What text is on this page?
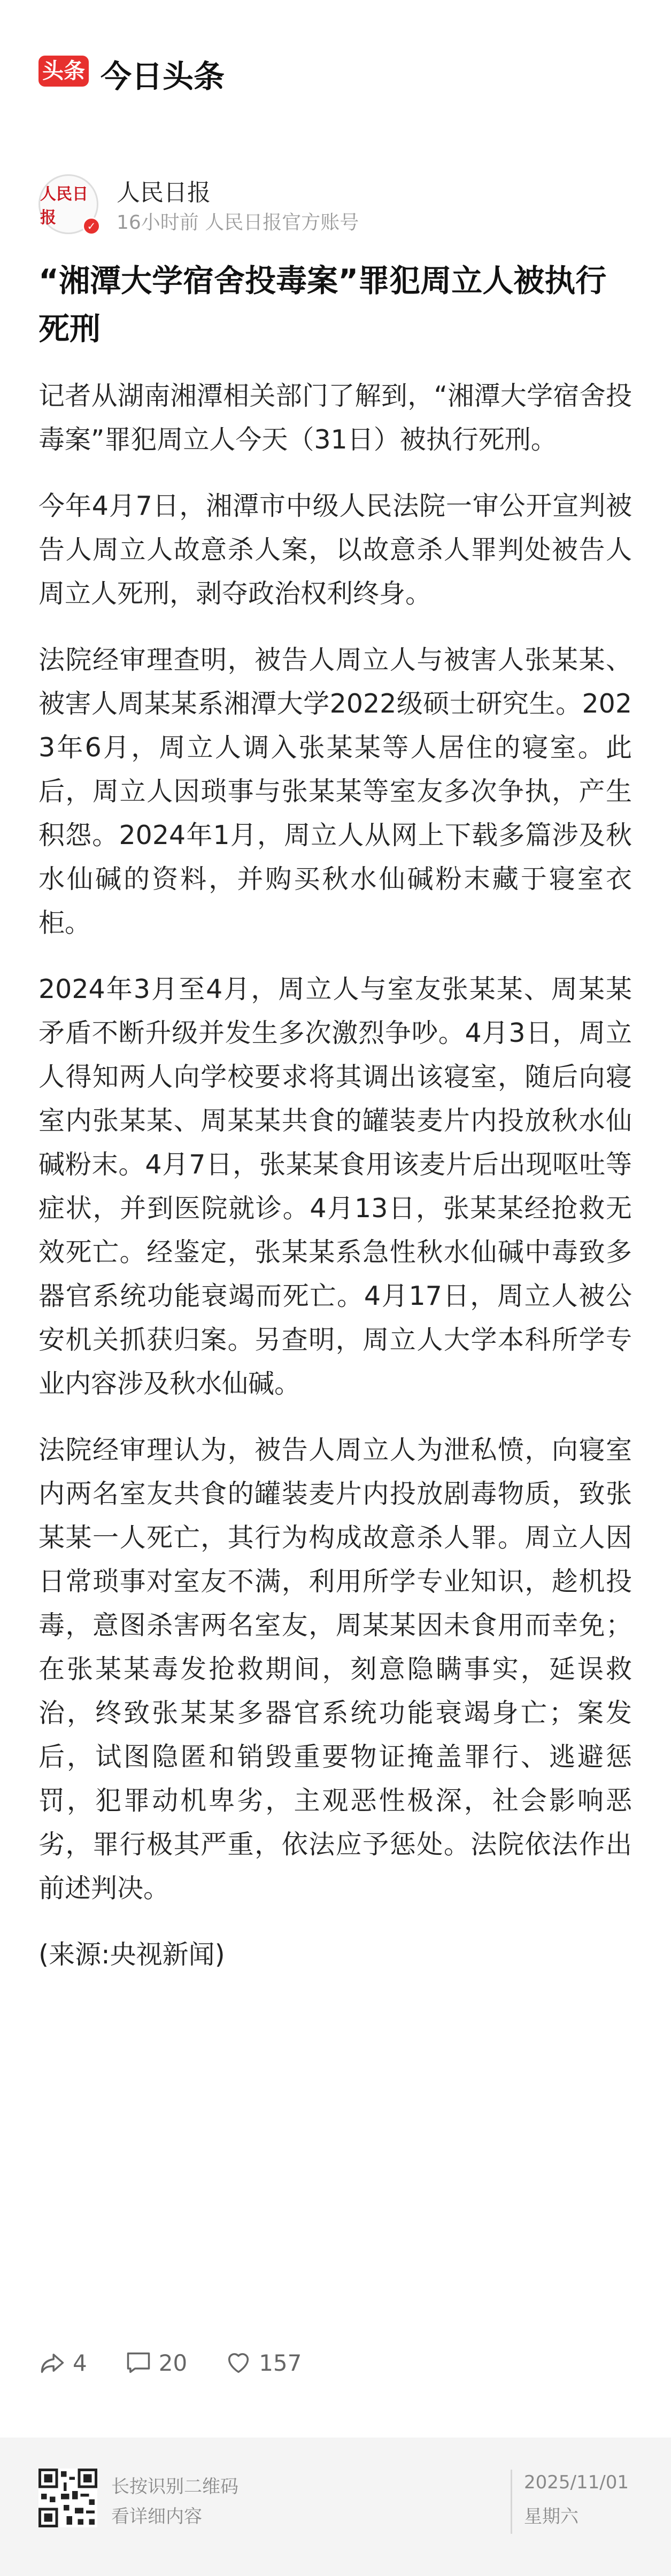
头条 今日头条
人民日报	✓
人民日报
16小时前 人民日报官方账号
“湘潭大学宿舍投毒案”罪犯周立人被执行死刑

记者从湖南湘潭相关部门了解到，“湘潭大学宿舍投毒案”罪犯周立人今天（31日）被执行死刑。

今年4月7日，湘潭市中级人民法院一审公开宣判被告人周立人故意杀人案，以故意杀人罪判处被告人周立人死刑，剥夺政治权利终身。

法院经审理查明，被告人周立人与被害人张某某、被害人周某某系湘潭大学2022级硕士研究生。2023年6月，周立人调入张某某等人居住的寝室。此后，周立人因琐事与张某某等室友多次争执，产生积怨。2024年1月，周立人从网上下载多篇涉及秋水仙碱的资料，并购买秋水仙碱粉末藏于寝室衣柜。

2024年3月至4月，周立人与室友张某某、周某某矛盾不断升级并发生多次激烈争吵。4月3日，周立人得知两人向学校要求将其调出该寝室，随后向寝室内张某某、周某某共食的罐装麦片内投放秋水仙碱粉末。4月7日，张某某食用该麦片后出现呕吐等症状，并到医院就诊。4月13日，张某某经抢救无效死亡。经鉴定，张某某系急性秋水仙碱中毒致多器官系统功能衰竭而死亡。4月17日，周立人被公安机关抓获归案。另查明，周立人大学本科所学专业内容涉及秋水仙碱。

法院经审理认为，被告人周立人为泄私愤，向寝室内两名室友共食的罐装麦片内投放剧毒物质，致张某某一人死亡，其行为构成故意杀人罪。周立人因日常琐事对室友不满，利用所学专业知识，趁机投毒，意图杀害两名室友，周某某因未食用而幸免；在张某某毒发抢救期间，刻意隐瞒事实，延误救治，终致张某某多器官系统功能衰竭身亡；案发后，试图隐匿和销毁重要物证掩盖罪行、逃避惩罚，犯罪动机卑劣，主观恶性极深，社会影响恶劣，罪行极其严重，依法应予惩处。法院依法作出前述判决。

(来源:央视新闻)

4	20	157
长按识别二维码
看详细内容
2025/11/01
星期六
